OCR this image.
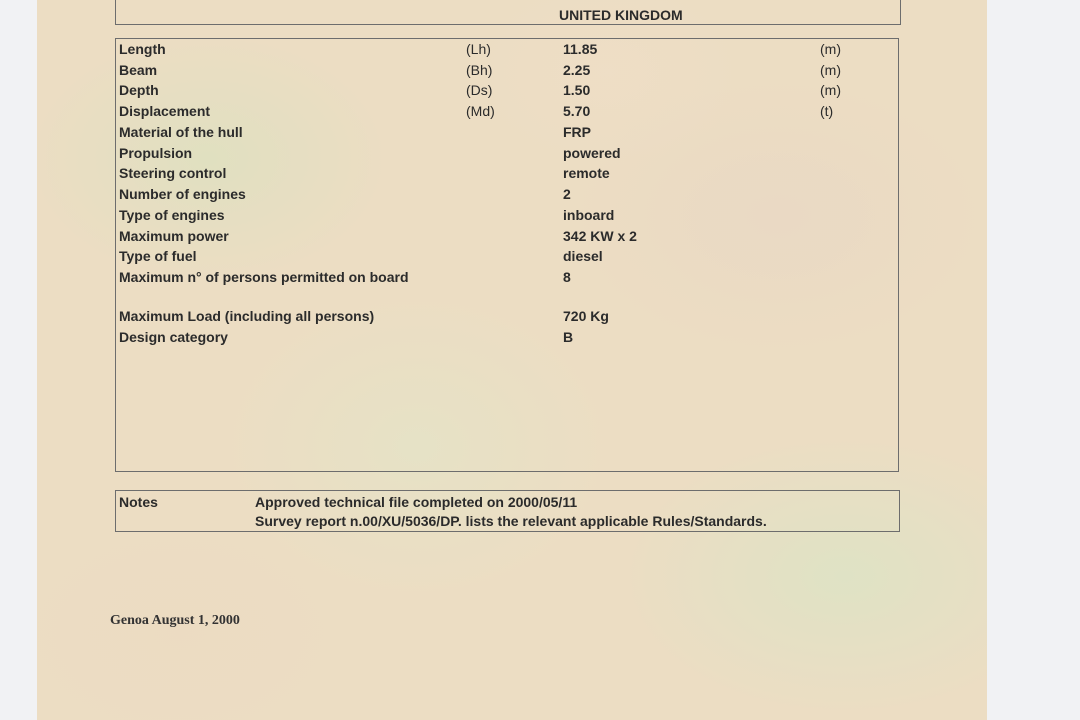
UNITED KINGDOM
Length	(Lh)	11.85	(m)
Beam	(Bh)	2.25	(m)
Depth	(Ds)	1.50	(m)
Displacement	(Md)	5.70	(t)
Material of the hull	FRP
Propulsion	powered
Steering control	remote
Number of engines	2
Type of engines	inboard
Maximum power	342 KW x 2
Type of fuel	diesel
Maximum n° of persons permitted on board	8
Maximum Load (including all persons)	720 Kg
Design category	B
Notes	Approved technical file completed on 2000/05/11
Survey report n.00/XU/5036/DP. lists the relevant applicable Rules/Standards.
Genoa August 1, 2000
